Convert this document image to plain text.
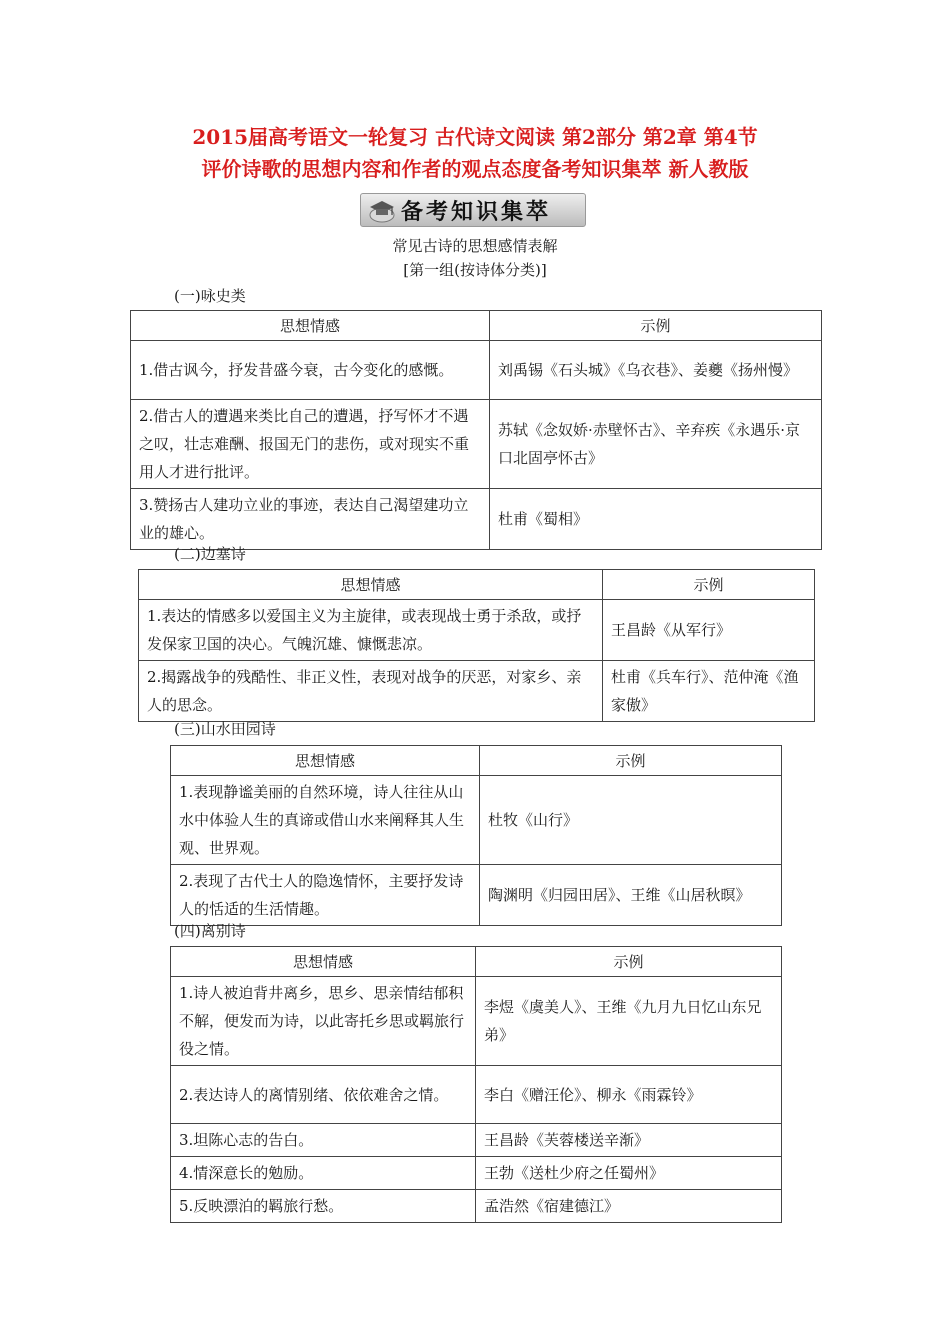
2015届高考语文一轮复习 古代诗文阅读 第2部分 第2章 第4节
评价诗歌的思想内容和作者的观点态度备考知识集萃 新人教版
备考知识集萃
常见古诗的思想感情表解
[第一组(按诗体分类)]
(一)咏史类
思想情感	示例
1.借古讽今，抒发昔盛今衰，古今变化的感慨。	刘禹锡《石头城》《乌衣巷》、姜夔《扬州慢》
2.借古人的遭遇来类比自己的遭遇，抒写怀才不遇之叹，壮志难酬、报国无门的悲伤，或对现实不重用人才进行批评。	苏轼《念奴娇·赤壁怀古》、辛弃疾《永遇乐·京口北固亭怀古》
3.赞扬古人建功立业的事迹，表达自己渴望建功立业的雄心。	杜甫《蜀相》
(二)边塞诗
思想情感	示例
1.表达的情感多以爱国主义为主旋律，或表现战士勇于杀敌，或抒发保家卫国的决心。气魄沉雄、慷慨悲凉。	王昌龄《从军行》
2.揭露战争的残酷性、非正义性，表现对战争的厌恶，对家乡、亲人的思念。	杜甫《兵车行》、范仲淹《渔家傲》
(三)山水田园诗
思想情感	示例
1.表现静谧美丽的自然环境，诗人往往从山水中体验人生的真谛或借山水来阐释其人生观、世界观。	杜牧《山行》
2.表现了古代士人的隐逸情怀，主要抒发诗人的恬适的生活情趣。	陶渊明《归园田居》、王维《山居秋暝》
(四)离别诗
思想情感	示例
1.诗人被迫背井离乡，思乡、思亲情结郁积不解，便发而为诗，以此寄托乡思或羁旅行役之情。	李煜《虞美人》、王维《九月九日忆山东兄弟》
2.表达诗人的离情别绪、依依难舍之情。	李白《赠汪伦》、柳永《雨霖铃》
3.坦陈心志的告白。	王昌龄《芙蓉楼送辛渐》
4.情深意长的勉励。	王勃《送杜少府之任蜀州》
5.反映漂泊的羁旅行愁。	孟浩然《宿建德江》
